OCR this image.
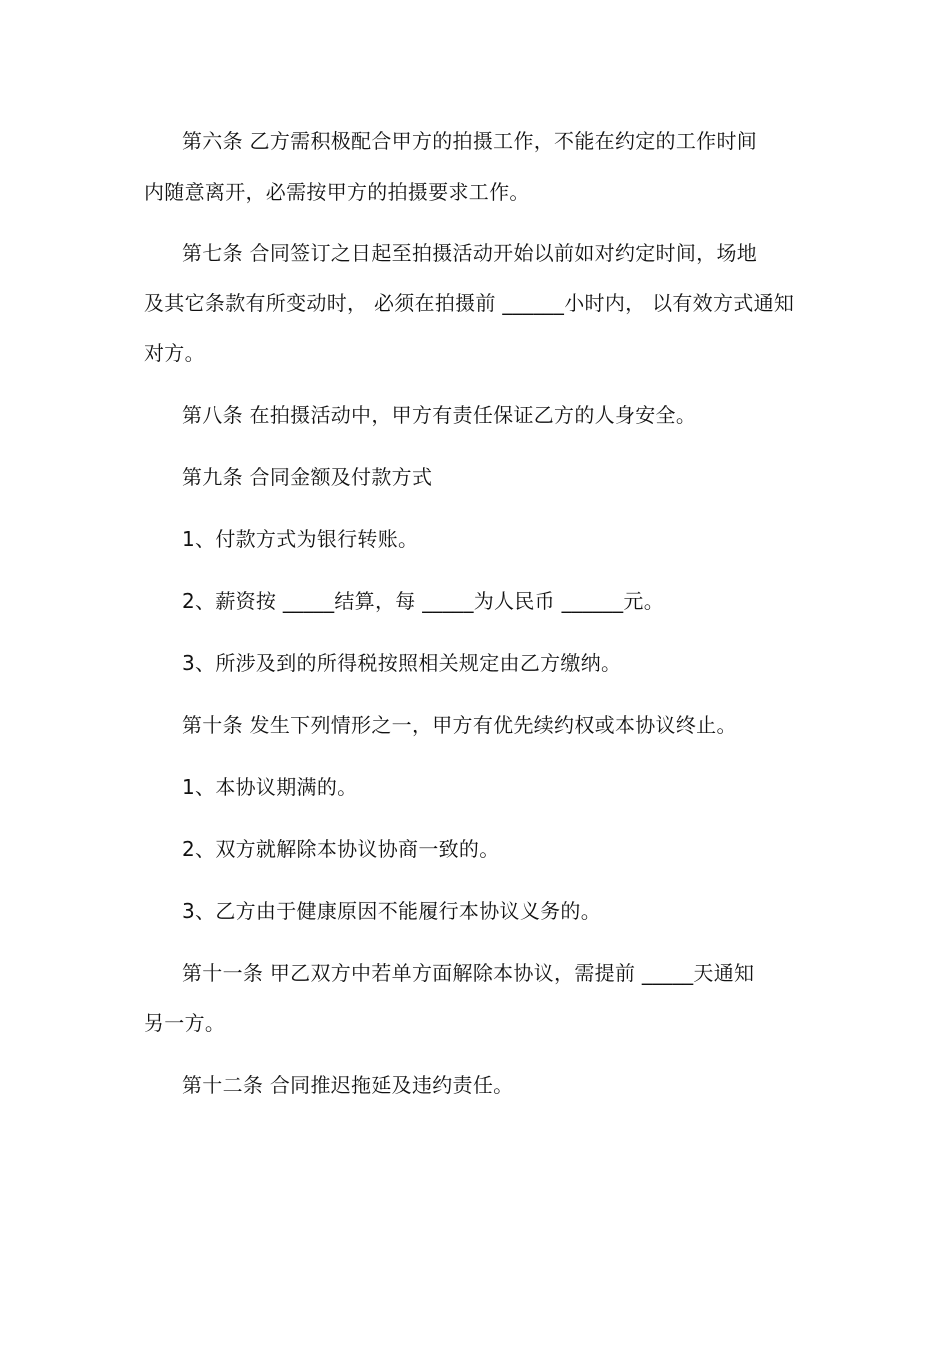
第六条 乙方需积极配合甲方的拍摄工作，不能在约定的工作时间
内随意离开，必需按甲方的拍摄要求工作。
第七条 合同签订之日起至拍摄活动开始以前如对约定时间，场地
及其它条款有所变动时， 必须在拍摄前 ______小时内， 以有效方式通知
对方。
第八条 在拍摄活动中，甲方有责任保证乙方的人身安全。
第九条 合同金额及付款方式
1、付款方式为银行转账。
2、薪资按 _____结算，每 _____为人民币 ______元。
3、所涉及到的所得税按照相关规定由乙方缴纳。
第十条 发生下列情形之一，甲方有优先续约权或本协议终止。
1、本协议期满的。
2、双方就解除本协议协商一致的。
3、乙方由于健康原因不能履行本协议义务的。
第十一条 甲乙双方中若单方面解除本协议，需提前 _____天通知
另一方。
第十二条 合同推迟拖延及违约责任。
